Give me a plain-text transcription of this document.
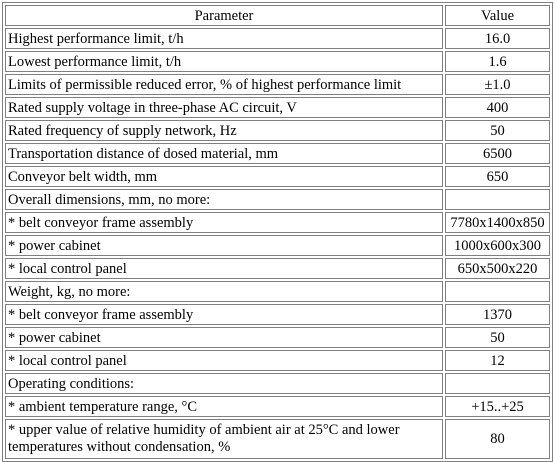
Parameter	Value
Highest performance limit, t/h	16.0
Lowest performance limit, t/h	1.6
Limits of permissible reduced error, % of highest performance limit	±1.0
Rated supply voltage in three-phase AC circuit, V	400
Rated frequency of supply network, Hz	50
Transportation distance of dosed material, mm	6500
Conveyor belt width, mm	650
Overall dimensions, mm, no more:	
* belt conveyor frame assembly	7780x1400x850
* power cabinet	1000x600x300
* local control panel	650x500x220
Weight, kg, no more:	
* belt conveyor frame assembly	1370
* power cabinet	50
* local control panel	12
Operating conditions:	
* ambient temperature range, °C	+15..+25
* upper value of relative humidity of ambient air at 25°C and lower temperatures without condensation, %	80
